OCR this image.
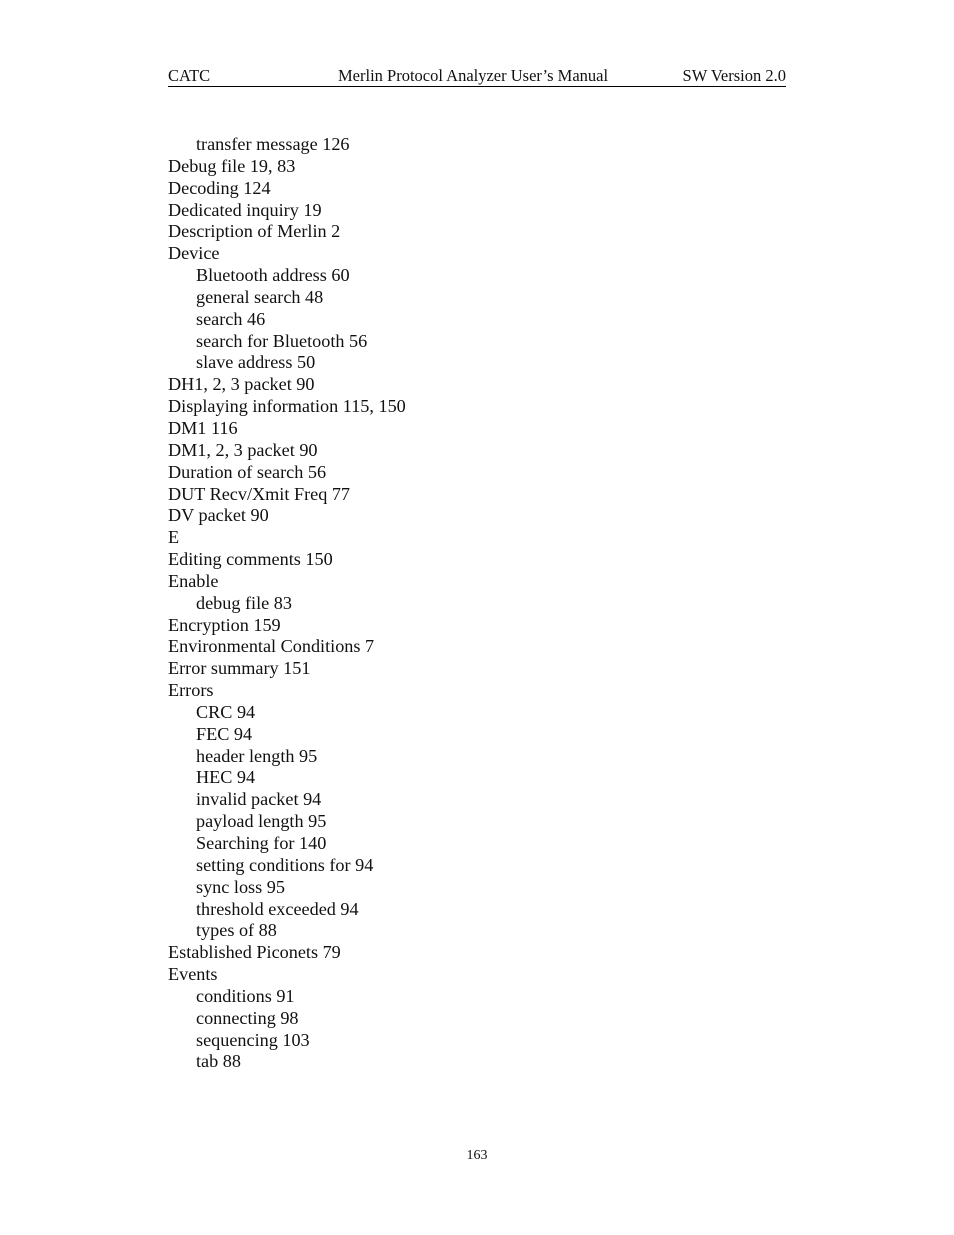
CATC	Merlin Protocol Analyzer User’s Manual	SW Version 2.0
transfer message 126
Debug file 19, 83
Decoding 124
Dedicated inquiry 19
Description of Merlin 2
Device
Bluetooth address 60
general search 48
search 46
search for Bluetooth 56
slave address 50
DH1, 2, 3 packet 90
Displaying information 115, 150
DM1 116
DM1, 2, 3 packet 90
Duration of search 56
DUT Recv/Xmit Freq 77
DV packet 90
E
Editing comments 150
Enable
debug file 83
Encryption 159
Environmental Conditions 7
Error summary 151
Errors
CRC 94
FEC 94
header length 95
HEC 94
invalid packet 94
payload length 95
Searching for 140
setting conditions for 94
sync loss 95
threshold exceeded 94
types of 88
Established Piconets 79
Events
conditions 91
connecting 98
sequencing 103
tab 88
163
